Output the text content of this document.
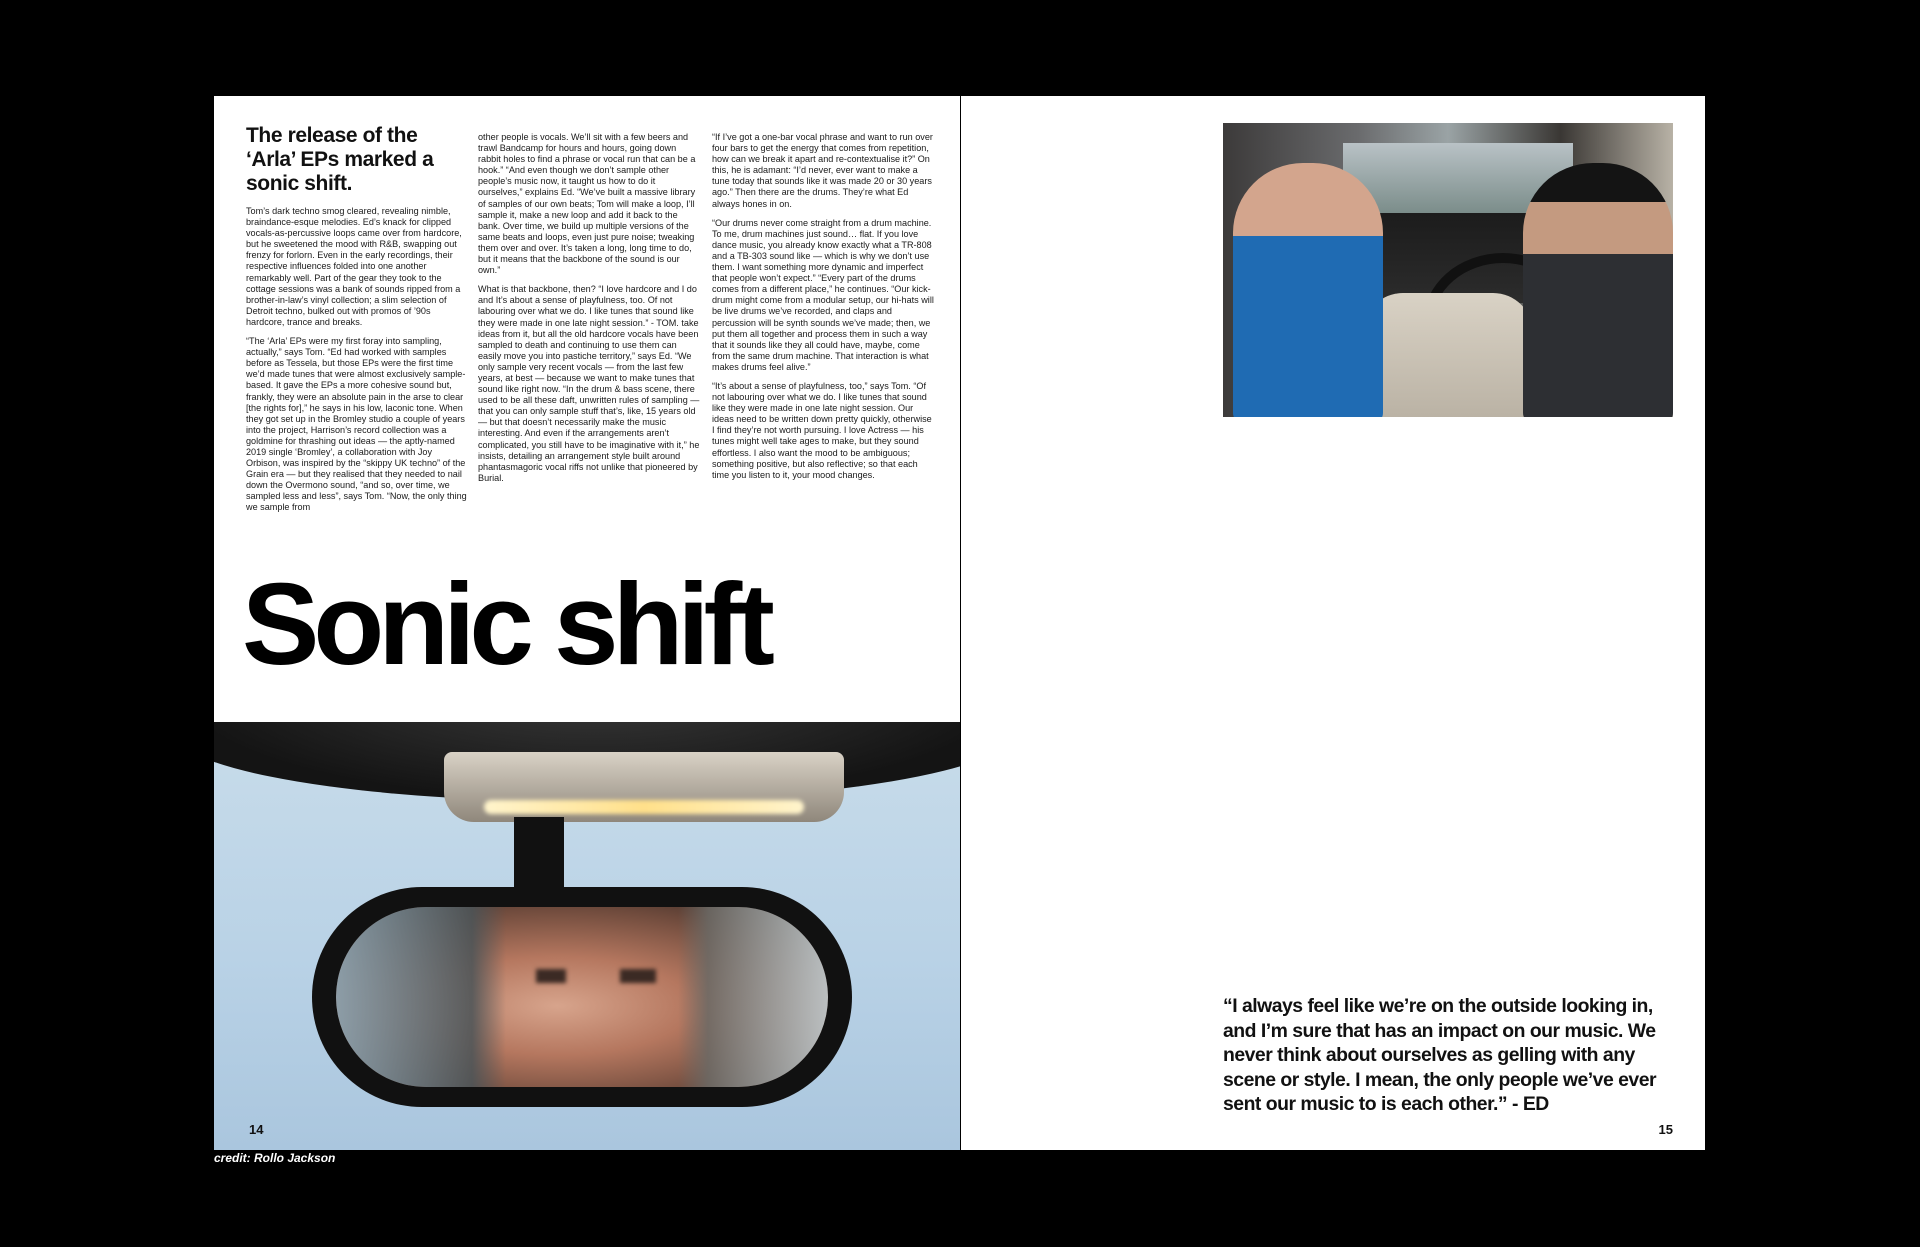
The release of the ‘Arla’ EPs marked a sonic shift.

Tom’s dark techno smog cleared, revealing nimble, braindance-esque melodies. Ed’s knack for clipped vocals-as-percussive loops came over from hardcore, but he sweetened the mood with R&B, swapping out frenzy for forlorn. Even in the early recordings, their respective influences folded into one another remarkably well. Part of the gear they took to the cottage sessions was a bank of sounds ripped from a brother-in-law’s vinyl collection; a slim selection of Detroit techno, bulked out with promos of ’90s hardcore, trance and breaks.

“The ‘Arla’ EPs were my first foray into sampling, actually,” says Tom. “Ed had worked with samples before as Tessela, but those EPs were the first time we’d made tunes that were almost exclusively sample-based. It gave the EPs a more cohesive sound but, frankly, they were an absolute pain in the arse to clear [the rights for],” he says in his low, laconic tone. When they got set up in the Bromley studio a couple of years into the project, Harrison’s record collection was a goldmine for thrashing out ideas — the aptly-named 2019 single ‘Bromley’, a collaboration with Joy Orbison, was inspired by the “skippy UK techno” of the Grain era — but they realised that they needed to nail down the Overmono sound, “and so, over time, we sampled less and less”, says Tom. “Now, the only thing we sample from

other people is vocals. We’ll sit with a few beers and trawl Bandcamp for hours and hours, going down rabbit holes to find a phrase or vocal run that can be a hook.” “And even though we don’t sample other people’s music now, it taught us how to do it ourselves,” explains Ed. “We’ve built a massive library of samples of our own beats; Tom will make a loop, I’ll sample it, make a new loop and add it back to the bank. Over time, we build up multiple versions of the same beats and loops, even just pure noise; tweaking them over and over. It’s taken a long, long time to do, but it means that the backbone of the sound is our own.”

What is that backbone, then? “I love hardcore and I do and It’s about a sense of playfulness, too. Of not labouring over what we do. I like tunes that sound like they were made in one late night session.” - TOM. take ideas from it, but all the old hardcore vocals have been sampled to death and continuing to use them can easily move you into pastiche territory,” says Ed. “We only sample very recent vocals — from the last few years, at best — because we want to make tunes that sound like right now. “In the drum & bass scene, there used to be all these daft, unwritten rules of sampling — that you can only sample stuff that’s, like, 15 years old — but that doesn’t necessarily make the music interesting. And even if the arrangements aren’t complicated, you still have to be imaginative with it,” he insists, detailing an arrangement style built around phantasmagoric vocal riffs not unlike that pioneered by Burial.

“If I’ve got a one-bar vocal phrase and want to run over four bars to get the energy that comes from repetition, how can we break it apart and re-contextualise it?” On this, he is adamant: “I’d never, ever want to make a tune today that sounds like it was made 20 or 30 years ago.” Then there are the drums. They’re what Ed always hones in on.

“Our drums never come straight from a drum machine. To me, drum machines just sound… flat. If you love dance music, you already know exactly what a TR-808 and a TB-303 sound like — which is why we don’t use them. I want something more dynamic and imperfect that people won’t expect.” “Every part of the drums comes from a different place,” he continues. “Our kick-drum might come from a modular setup, our hi-hats will be live drums we’ve recorded, and claps and percussion will be synth sounds we’ve made; then, we put them all together and process them in such a way that it sounds like they all could have, maybe, come from the same drum machine. That interaction is what makes drums feel alive.”

“It’s about a sense of playfulness, too,” says Tom. “Of not labouring over what we do. I like tunes that sound like they were made in one late night session. Our ideas need to be written down pretty quickly, otherwise I find they’re not worth pursuing. I love Actress — his tunes might well take ages to make, but they sound effortless. I also want the mood to be ambiguous; something positive, but also reflective; so that each time you listen to it, your mood changes.

Sonic shift
14

“I always feel like we’re on the outside looking in, and I’m sure that has an impact on our music. We never think about ourselves as gelling with any scene or style. I mean, the only people we’ve ever sent our music to is each other.” - ED

15

credit: Rollo Jackson
